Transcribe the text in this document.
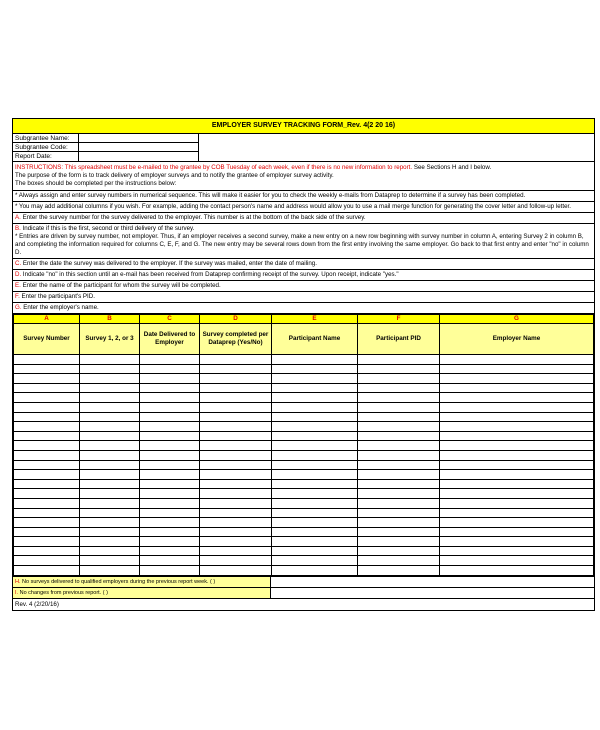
EMPLOYER SURVEY TRACKING FORM_Rev. 4(2 20 16)
Subgrantee Name:
Subgrantee Code:
Report Date:
INSTRUCTIONS: This spreadsheet must be e-mailed to the grantee by COB Tuesday of each week, even if there is no new information to report. See Sections H and I below.
The purpose of the form is to track delivery of employer surveys and to notify the grantee of employer survey activity.
The boxes should be completed per the instructions below:
* Always assign and enter survey numbers in numerical sequence. This will make it easier for you to check the weekly e-mails from Dataprep to determine if a survey has been completed.
* You may add additional columns if you wish. For example, adding the contact person's name and address would allow you to use a mail merge function for generating the cover letter and follow-up letter.
A. Enter the survey number for the survey delivered to the employer. This number is at the bottom of the back side of the survey.
B. Indicate if this is the first, second or third delivery of the survey.
* Entries are driven by survey number, not employer. Thus, if an employer receives a second survey, make a new entry on a new row beginning with survey number in column A, entering Survey 2 in column B, and completing the information required for columns C, E, F, and G. The new entry may be several rows down from the first entry involving the same employer. Go back to that first entry and enter "no" in column D.
C. Enter the date the survey was delivered to the employer. If the survey was mailed, enter the date of mailing.
D. Indicate "no" in this section until an e-mail has been received from Dataprep confirming receipt of the survey. Upon receipt, indicate "yes."
E. Enter the name of the participant for whom the survey will be completed.
F. Enter the participant's PID.
G. Enter the employer's name.
A	B	C	D	E	F	G
Survey Number	Survey 1, 2, or 3	Date Delivered to Employer	Survey completed per Dataprep (Yes/No)	Participant Name	Participant PID	Employer Name

H. No surveys delivered to qualified employers during the previous report week. ( )
I. No changes from previous report. ( )
Rev. 4 (2/20/16)
